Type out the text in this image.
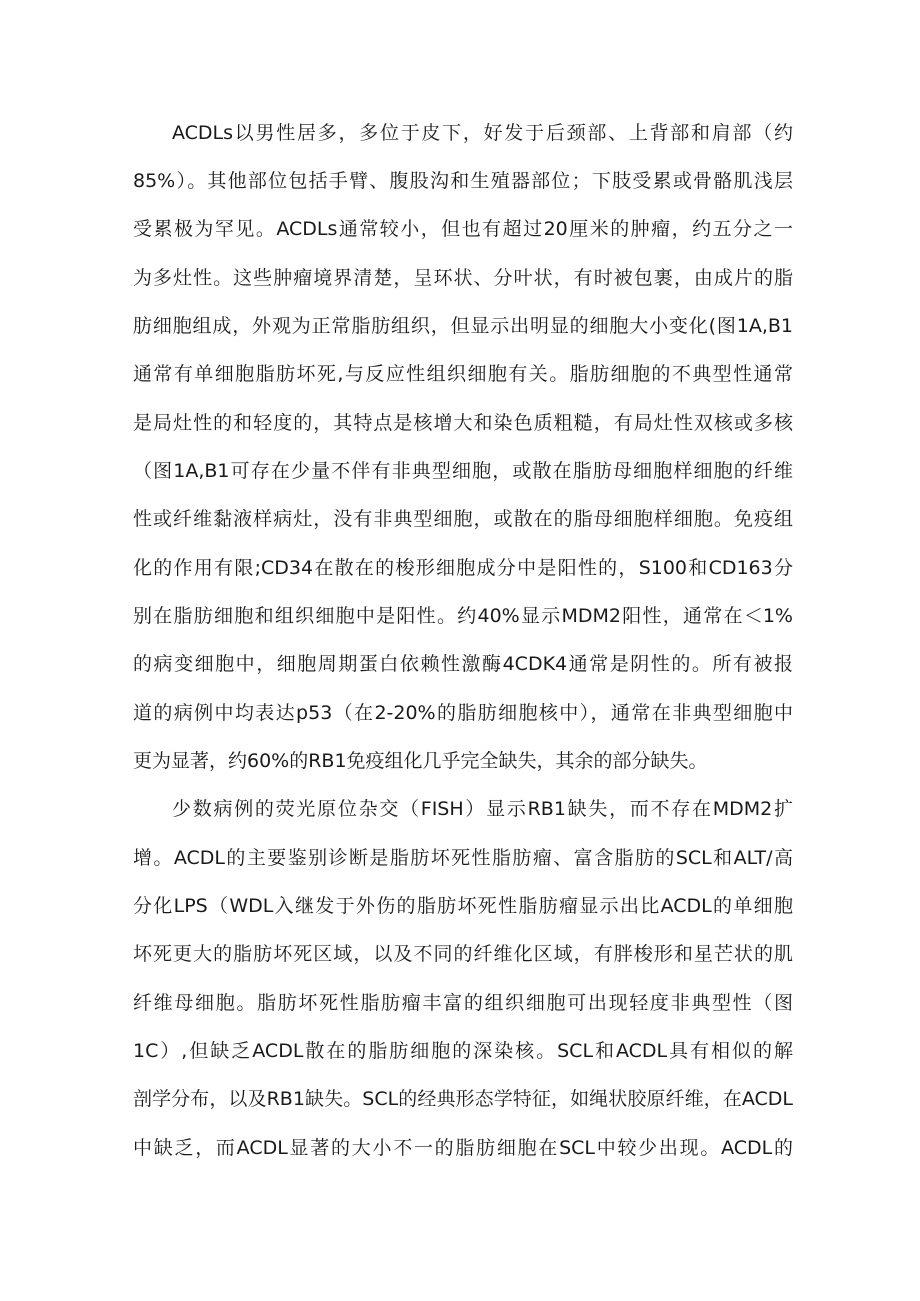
ACDLs以男性居多，多位于皮下，好发于后颈部、上背部和肩部（约
85%）。其他部位包括手臂、腹股沟和生殖器部位；下肢受累或骨骼肌浅层
受累极为罕见。ACDLs通常较小，但也有超过20厘米的肿瘤，约五分之一
为多灶性。这些肿瘤境界清楚，呈环状、分叶状，有时被包裹，由成片的脂
肪细胞组成，外观为正常脂肪组织，但显示出明显的细胞大小变化(图1A,B1
通常有单细胞脂肪坏死,与反应性组织细胞有关。脂肪细胞的不典型性通常
是局灶性的和轻度的，其特点是核增大和染色质粗糙，有局灶性双核或多核
（图1A,B1可存在少量不伴有非典型细胞，或散在脂肪母细胞样细胞的纤维
性或纤维黏液样病灶，没有非典型细胞，或散在的脂母细胞样细胞。免疫组
化的作用有限;CD34在散在的梭形细胞成分中是阳性的，S100和CD163分
别在脂肪细胞和组织细胞中是阳性。约40%显示MDM2阳性，通常在＜1%
的病变细胞中，细胞周期蛋白依赖性激酶4CDK4通常是阴性的。所有被报
道的病例中均表达p53（在2-20%的脂肪细胞核中），通常在非典型细胞中
更为显著，约60%的RB1免疫组化几乎完全缺失，其余的部分缺失。
少数病例的荧光原位杂交（FISH）显示RB1缺失，而不存在MDM2扩
增。ACDL的主要鉴别诊断是脂肪坏死性脂肪瘤、富含脂肪的SCL和ALT/高
分化LPS（WDL入继发于外伤的脂肪坏死性脂肪瘤显示出比ACDL的单细胞
坏死更大的脂肪坏死区域，以及不同的纤维化区域，有胖梭形和星芒状的肌
纤维母细胞。脂肪坏死性脂肪瘤丰富的组织细胞可出现轻度非典型性（图
1C）,但缺乏ACDL散在的脂肪细胞的深染核。SCL和ACDL具有相似的解
剖学分布，以及RB1缺失。SCL的经典形态学特征，如绳状胶原纤维，在ACDL
中缺乏，而ACDL显著的大小不一的脂肪细胞在SCL中较少出现。ACDL的
